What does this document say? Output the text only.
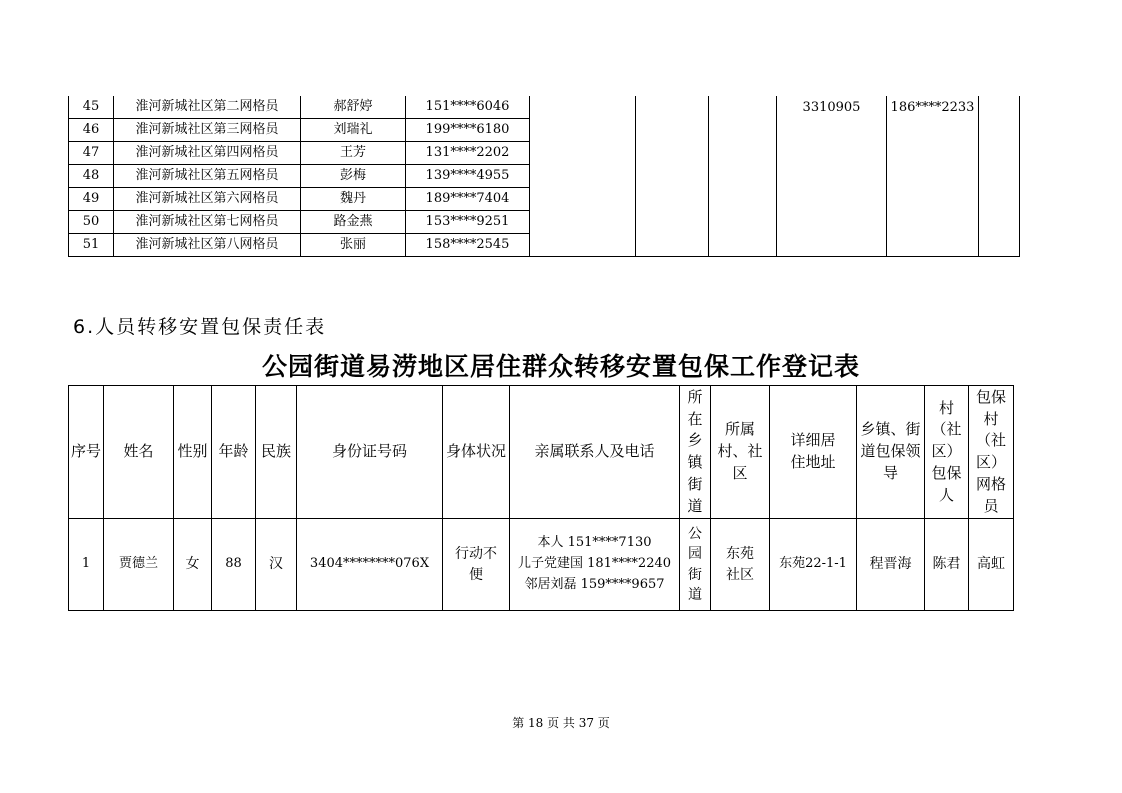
45	淮河新城社区第二网格员	郝舒婷	151****6046				3310905	186****2233	
46	淮河新城社区第三网格员	刘瑞礼	199****6180						
47	淮河新城社区第四网格员	王芳	131****2202						
48	淮河新城社区第五网格员	彭梅	139****4955						
49	淮河新城社区第六网格员	魏丹	189****7404						
50	淮河新城社区第七网格员	路金燕	153****9251						
51	淮河新城社区第八网格员	张丽	158****2545						
6.人员转移安置包保责任表
公园街道易涝地区居住群众转移安置包保工作登记表
序号	姓名	性别	年龄	民族	身份证号码	身体状况	亲属联系人及电话	所在乡镇街道	所属村、社区	详细居住地址	乡镇、街道包保领导	村（社区）包保人	包保村（社区）网格员
1	贾德兰	女	88	汉	3404********076X	行动不便	本人 151****7130
儿子党建国 181****2240
邻居刘磊 159****9657	公园街道	东苑社区	东苑22-1-1	程晋海	陈君	高虹
第 18 页 共 37 页
